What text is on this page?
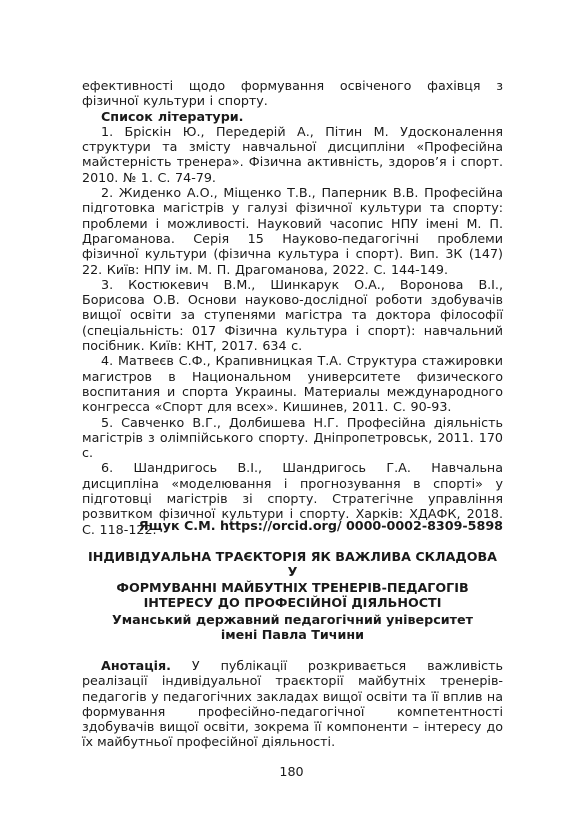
ефективності щодо формування освіченого фахівця з фізичної культури і спорту.

Список літератури.

1. Бріскін Ю., Передерій А., Пітин М. Удосконалення структури та змісту навчальної дисципліни «Професійна майстерність тренера». Фізична активність, здоров’я і спорт. 2010. № 1. С. 74-79.

2. Жиденко А.О., Міщенко Т.В., Паперник В.В. Професійна підготовка магістрів у галузі фізичної культури та спорту: проблеми і можливості. Науковий часопис НПУ імені М. П. Драгоманова. Серія 15 Науково-педагогічні проблеми фізичної культури (фізична культура і спорт). Вип. 3К (147) 22. Київ: НПУ ім. М. П. Драгоманова, 2022. С. 144-149.

3. Костюкевич В.М., Шинкарук О.А., Воронова В.І., Борисова О.В. Основи науково-дослідної роботи здобувачів вищої освіти за ступенями магістра та доктора філософії (спеціальність: 017 Фізична культура і спорт): навчальний посібник. Київ: КНТ, 2017. 634 с.

4. Матвеєв С.Ф., Крапивницкая Т.А. Структура стажировки магистров в Национальном университете физического воспитания и спорта Украины. Материалы международного конгресса «Спорт для всех». Кишинев, 2011. С. 90-93.

5. Савченко В.Г., Долбишева Н.Г. Професійна діяльність магістрів з олімпійського спорту. Дніпропетровськ, 2011. 170 с.

6. Шандригось В.І., Шандригось Г.А. Навчальна дисципліна «моделювання і прогнозування в спорті» у підготовці магістрів зі спорту. Стратегічне управління розвитком фізичної культури і спорту. Харків: ХДАФК, 2018. С. 118-122.

Ящук С.М. https://orcid.org/ 0000-0002-8309-5898

ІНДИВІДУАЛЬНА ТРАЄКТОРІЯ ЯК ВАЖЛИВА СКЛАДОВА У

ФОРМУВАННІ МАЙБУТНІХ ТРЕНЕРІВ-ПЕДАГОГІВ

ІНТЕРЕСУ ДО ПРОФЕСІЙНОЇ ДІЯЛЬНОСТІ

Уманський державний педагогічний університет

імені Павла Тичини

Анотація. У публікації розкривається важливість реалізації індивідуальної траєкторії майбутніх тренерів-педагогів у педагогічних закладах вищої освіти та її вплив на формування професійно-педагогічної компетентності здобувачів вищої освіти, зокрема її компоненти – інтересу до їх майбутньої професійної діяльності.

180
